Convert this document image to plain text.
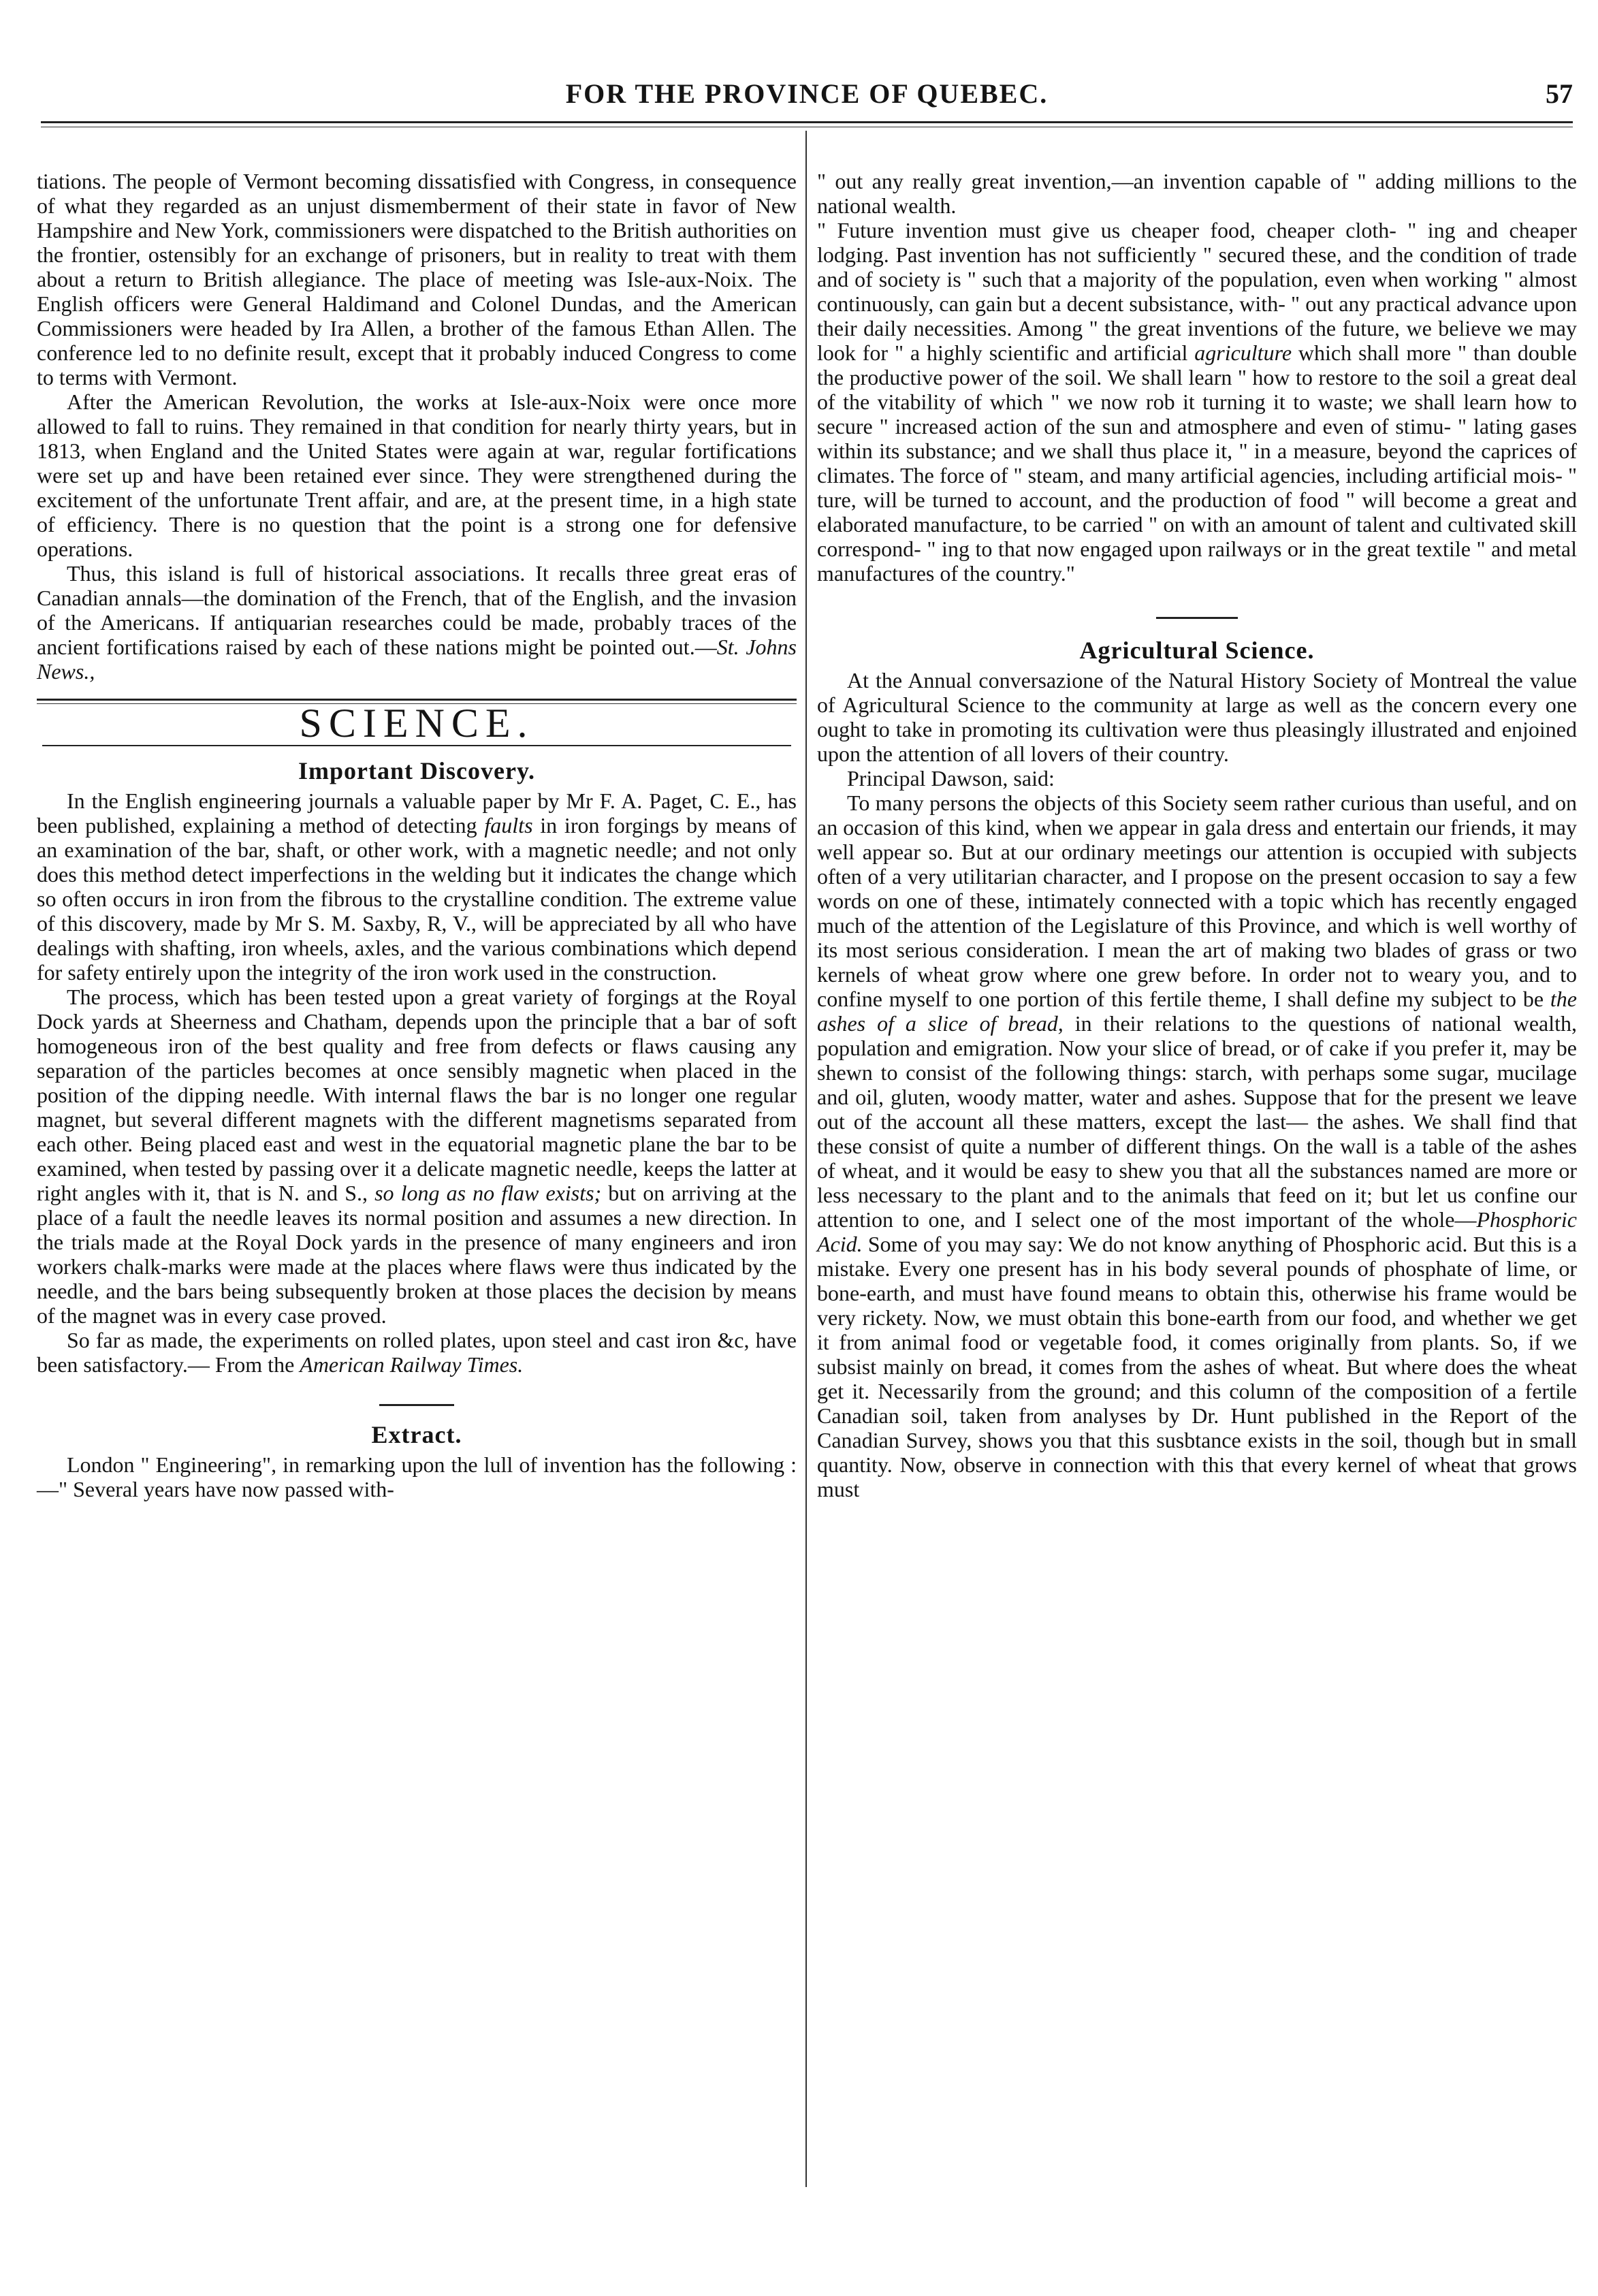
FOR THE PROVINCE OF QUEBEC.	57

tiations. The people of Vermont becoming dissatisfied with Congress, in consequence of what they regarded as an unjust dismemberment of their state in favor of New Hampshire and New York, commissioners were dispatched to the British authorities on the frontier, ostensibly for an exchange of prisoners, but in reality to treat with them about a return to British allegiance. The place of meeting was Isle-aux-Noix. The English officers were General Haldimand and Colonel Dundas, and the American Commissioners were headed by Ira Allen, a brother of the famous Ethan Allen. The conference led to no definite result, except that it probably induced Congress to come to terms with Vermont.

After the American Revolution, the works at Isle-aux-Noix were once more allowed to fall to ruins. They remained in that condition for nearly thirty years, but in 1813, when England and the United States were again at war, regular fortifications were set up and have been retained ever since. They were strengthened during the excitement of the unfortunate Trent affair, and are, at the present time, in a high state of efficiency. There is no question that the point is a strong one for defensive operations.

Thus, this island is full of historical associations. It recalls three great eras of Canadian annals—the domination of the French, that of the English, and the invasion of the Americans. If antiquarian researches could be made, probably traces of the ancient fortifications raised by each of these nations might be pointed out.—St. Johns News.,

SCIENCE.
Important Discovery.

In the English engineering journals a valuable paper by Mr F. A. Paget, C. E., has been published, explaining a method of detecting faults in iron forgings by means of an examination of the bar, shaft, or other work, with a magnetic needle; and not only does this method detect imperfections in the welding but it indicates the change which so often occurs in iron from the fibrous to the crystalline condition. The extreme value of this discovery, made by Mr S. M. Saxby, R, V., will be appreciated by all who have dealings with shafting, iron wheels, axles, and the various combinations which depend for safety entirely upon the integrity of the iron work used in the construction.

The process, which has been tested upon a great variety of forgings at the Royal Dock yards at Sheerness and Chatham, depends upon the principle that a bar of soft homogeneous iron of the best quality and free from defects or flaws causing any separation of the particles becomes at once sensibly magnetic when placed in the position of the dipping needle. With internal flaws the bar is no longer one regular magnet, but several different magnets with the different magnetisms separated from each other. Being placed east and west in the equatorial magnetic plane the bar to be examined, when tested by passing over it a delicate magnetic needle, keeps the latter at right angles with it, that is N. and S., so long as no flaw exists; but on arriving at the place of a fault the needle leaves its normal position and assumes a new direction. In the trials made at the Royal Dock yards in the presence of many engineers and iron workers chalk-marks were made at the places where flaws were thus indicated by the needle, and the bars being subsequently broken at those places the decision by means of the magnet was in every case proved.

So far as made, the experiments on rolled plates, upon steel and cast iron &c, have been satisfactory.— From the American Railway Times.

Extract.

London " Engineering", in remarking upon the lull of invention has the following :—" Several years have now passed with-

" out any really great invention,—an invention capable of " adding millions to the national wealth.

" Future invention must give us cheaper food, cheaper cloth- " ing and cheaper lodging. Past invention has not sufficiently " secured these, and the condition of trade and of society is " such that a majority of the population, even when working " almost continuously, can gain but a decent subsistance, with- " out any practical advance upon their daily necessities. Among " the great inventions of the future, we believe we may look for " a highly scientific and artificial agriculture which shall more " than double the productive power of the soil. We shall learn " how to restore to the soil a great deal of the vitability of which " we now rob it turning it to waste; we shall learn how to secure " increased action of the sun and atmosphere and even of stimu- " lating gases within its substance; and we shall thus place it, " in a measure, beyond the caprices of climates. The force of " steam, and many artificial agencies, including artificial mois- " ture, will be turned to account, and the production of food " will become a great and elaborated manufacture, to be carried " on with an amount of talent and cultivated skill correspond- " ing to that now engaged upon railways or in the great textile " and metal manufactures of the country."

Agricultural Science.

At the Annual conversazione of the Natural History Society of Montreal the value of Agricultural Science to the community at large as well as the concern every one ought to take in promoting its cultivation were thus pleasingly illustrated and enjoined upon the attention of all lovers of their country.

Principal Dawson, said:

To many persons the objects of this Society seem rather curious than useful, and on an occasion of this kind, when we appear in gala dress and entertain our friends, it may well appear so. But at our ordinary meetings our attention is occupied with subjects often of a very utilitarian character, and I propose on the present occasion to say a few words on one of these, intimately connected with a topic which has recently engaged much of the attention of the Legislature of this Province, and which is well worthy of its most serious consideration. I mean the art of making two blades of grass or two kernels of wheat grow where one grew before. In order not to weary you, and to confine myself to one portion of this fertile theme, I shall define my subject to be the ashes of a slice of bread, in their relations to the questions of national wealth, population and emigration. Now your slice of bread, or of cake if you prefer it, may be shewn to consist of the following things: starch, with perhaps some sugar, mucilage and oil, gluten, woody matter, water and ashes. Suppose that for the present we leave out of the account all these matters, except the last— the ashes. We shall find that these consist of quite a number of different things. On the wall is a table of the ashes of wheat, and it would be easy to shew you that all the substances named are more or less necessary to the plant and to the animals that feed on it; but let us confine our attention to one, and I select one of the most important of the whole—Phosphoric Acid. Some of you may say: We do not know anything of Phosphoric acid. But this is a mistake. Every one present has in his body several pounds of phosphate of lime, or bone-earth, and must have found means to obtain this, otherwise his frame would be very rickety. Now, we must obtain this bone-earth from our food, and whether we get it from animal food or vegetable food, it comes originally from plants. So, if we subsist mainly on bread, it comes from the ashes of wheat. But where does the wheat get it. Necessarily from the ground; and this column of the composition of a fertile Canadian soil, taken from analyses by Dr. Hunt published in the Report of the Canadian Survey, shows you that this susbtance exists in the soil, though but in small quantity. Now, observe in connection with this that every kernel of wheat that grows must
